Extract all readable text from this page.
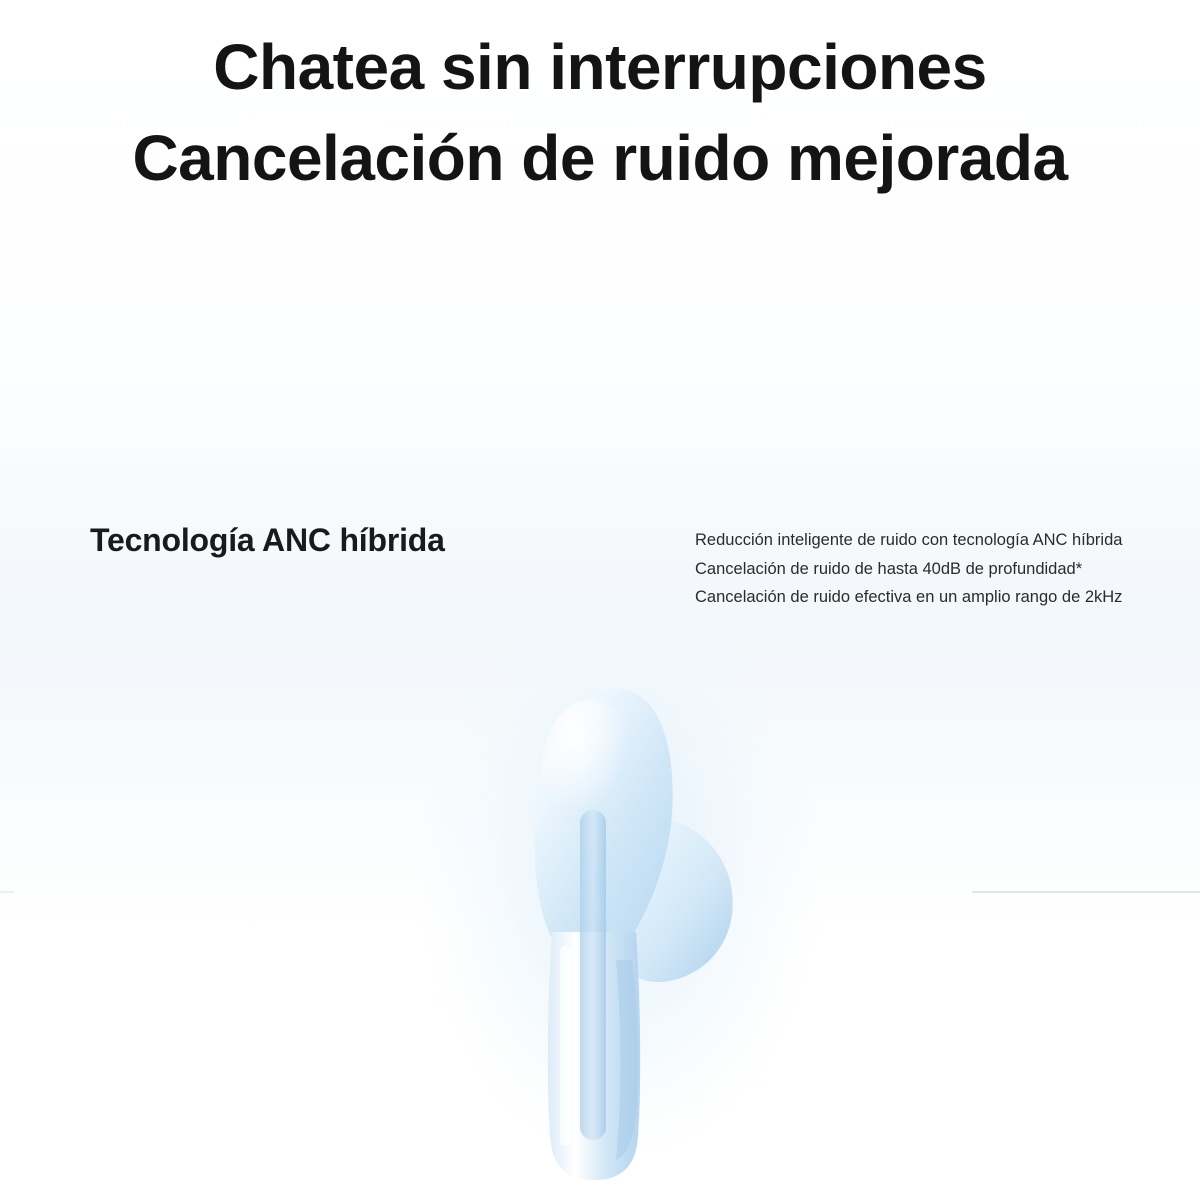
Chatea sin interrupciones
Cancelación de ruido mejorada
Tecnología ANC híbrida	Reducción inteligente de ruido con tecnología ANC híbrida
Cancelación de ruido de hasta 40dB de profundidad*
Cancelación de ruido efectiva en un amplio rango de 2kHz
